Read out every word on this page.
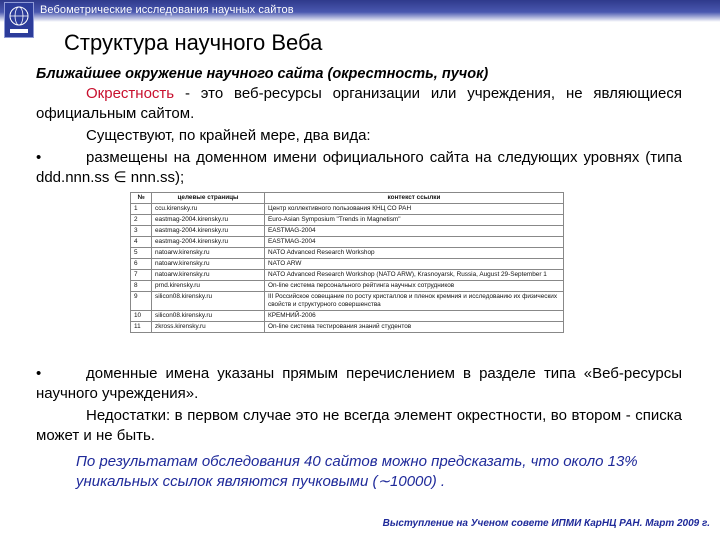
Вебометрические исследования научных сайтов
Структура научного Веба
Ближайшее окружение научного сайта (окрестность, пучок)
Окрестность - это веб-ресурсы организации или учреждения, не являющиеся официальным сайтом.
Существуют, по крайней мере, два вида:
•	размещены на доменном имени официального сайта на следующих уровнях (типа ddd.nnn.ss ∈ nnn.ss);
№	целевые страницы	контекст ссылки
1	ccu.kirensky.ru	Центр коллективного пользования КНЦ СО РАН
2	eastmag-2004.kirensky.ru	Euro-Asian Symposium "Trends in Magnetism"
3	eastmag-2004.kirensky.ru	EASTMAG-2004
4	eastmag-2004.kirensky.ru	EASTMAG-2004
5	natoarw.kirensky.ru	NATO Advanced Research Workshop
6	natoarw.kirensky.ru	NATO ARW
7	natoarw.kirensky.ru	NATO Advanced Research Workshop (NATO ARW), Krasnoyarsk, Russia, August 29-September 1
8	prnd.kirensky.ru	On-line система персонального рейтинга научных сотрудников
9	silicon08.kirensky.ru	III Российское совещание по росту кристаллов и пленок кремния и исследованию их физических свойств и структурного совершенства
10	silicon08.kirensky.ru	КРЕМНИЙ-2006
11	zkross.kirensky.ru	On-line система тестирования знаний студентов
•	доменные имена указаны прямым перечислением в разделе типа «Веб-ресурсы научного учреждения».
Недостатки: в первом случае это не всегда элемент окрестности, во втором - списка может и не быть.
По результатам обследования 40 сайтов можно предсказать, что около 13% уникальных ссылок являются пучковыми (∼10000) .
Выступление на Ученом совете ИПМИ КарНЦ РАН. Март 2009 г.
